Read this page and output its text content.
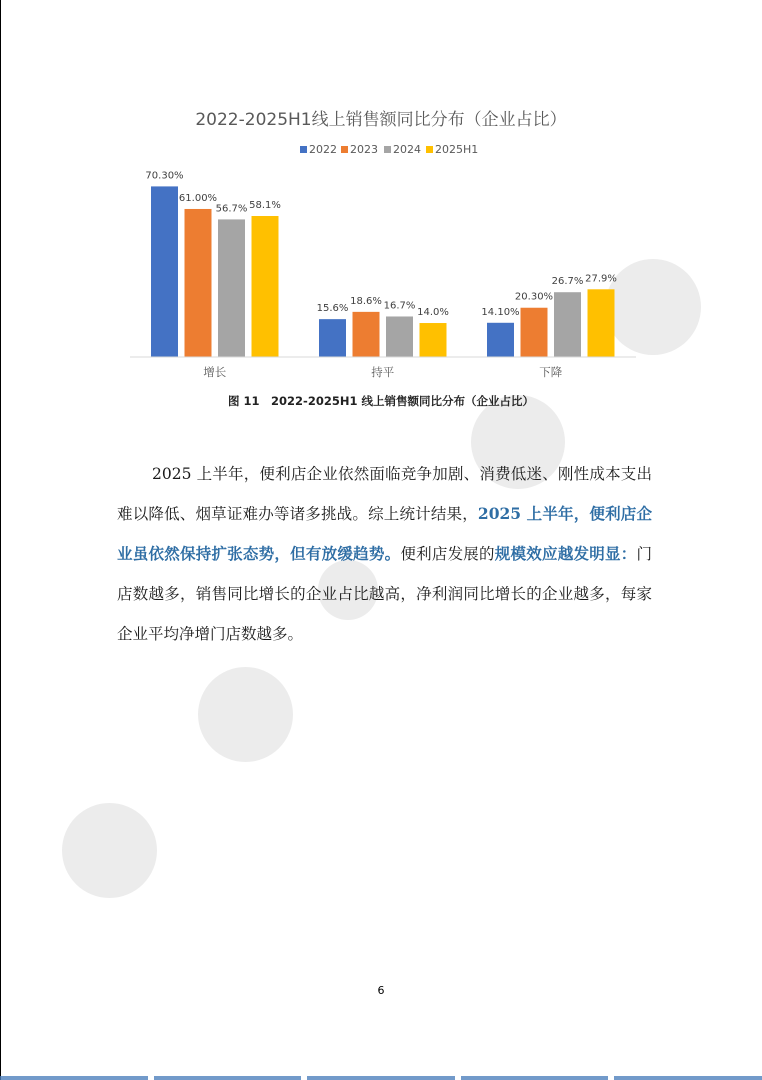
2022-2025H1线上销售额同比分布（企业占比）
2022 2023 2024 2025H1
70.30%
61.00%
56.7% 58.1%
15.6%
18.6% 16.7%
14.0%	14.10%
20.30%
26.7% 27.9%
增长	持平	下降
图 11　2022-2025H1 线上销售额同比分布（企业占比）

2025 上半年，便利店企业依然面临竞争加剧、消费低迷、刚性成本支出难以降低、烟草证难办等诸多挑战。综上统计结果，2025 上半年，便利店企业虽依然保持扩张态势，但有放缓趋势。便利店发展的规模效应越发明显：门店数越多，销售同比增长的企业占比越高，净利润同比增长的企业越多，每家企业平均净增门店数越多。

6
